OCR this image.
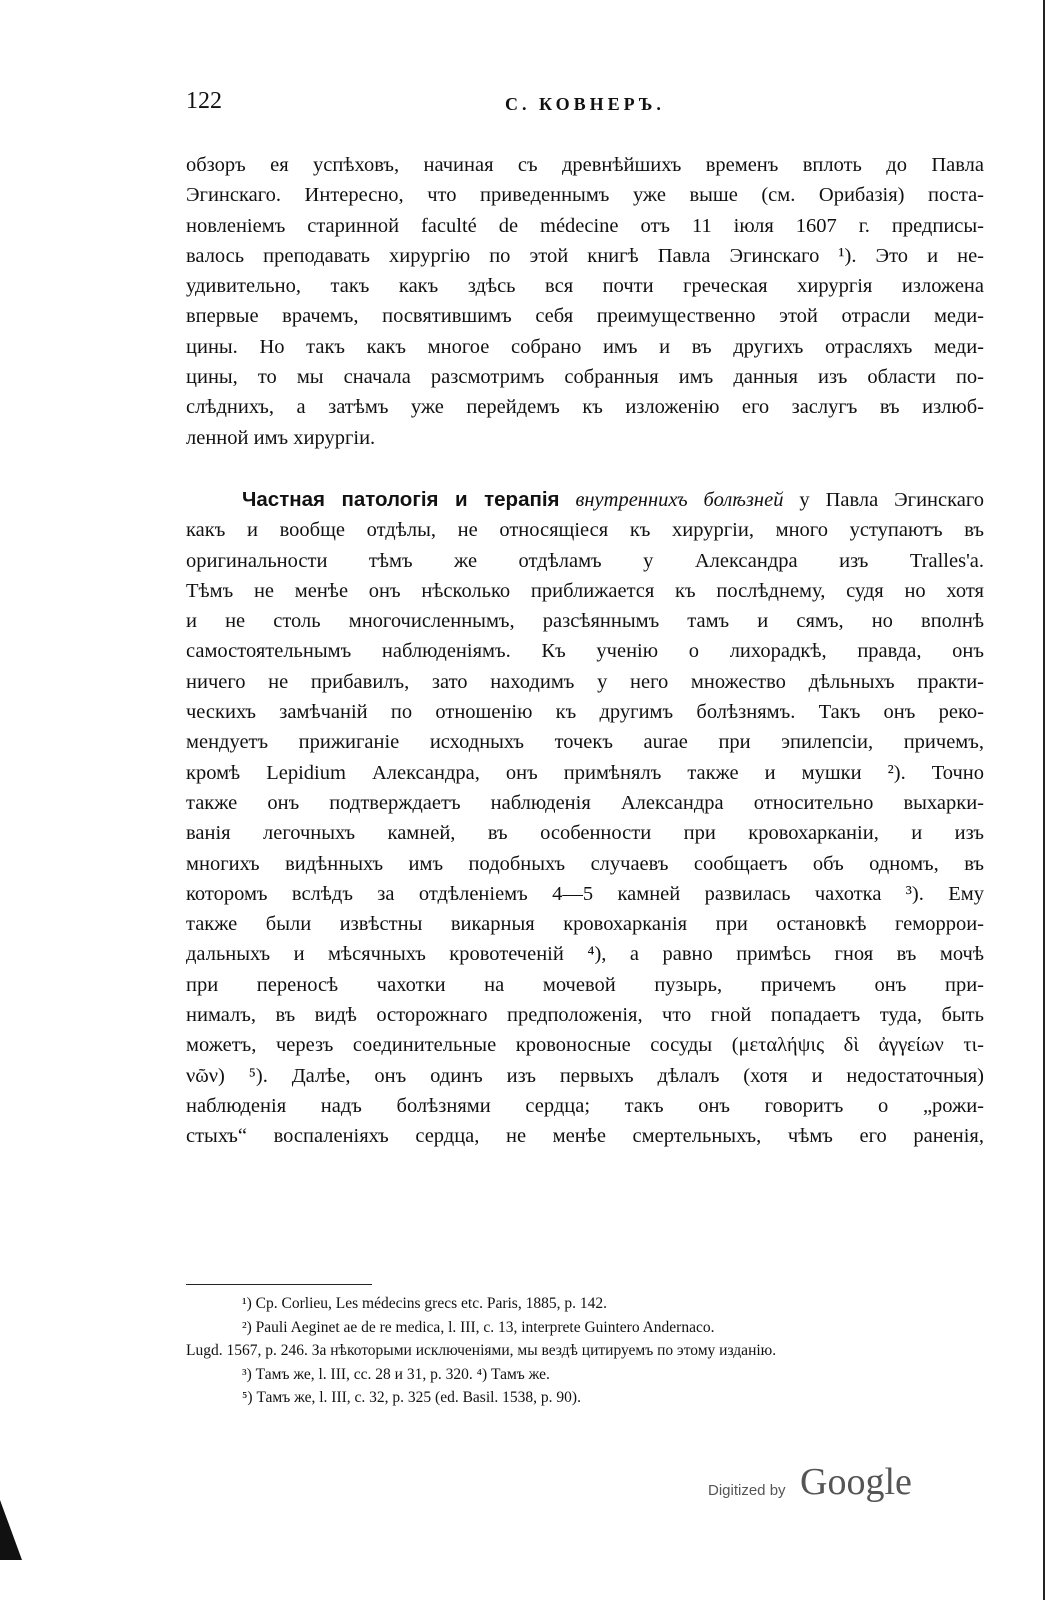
122	С. КОВНЕРЪ.

обзоръ ея успѣховъ, начиная съ древнѣйшихъ временъ вплоть до Павла
Эгинскаго. Интересно, что приведеннымъ уже выше (см. Орибазія) поста-
новленіемъ старинной faculté de médecine отъ 11 іюля 1607 г. предписы-
валось преподавать хирургію по этой книгѣ Павла Эгинскаго ¹). Это и не-
удивительно, такъ какъ здѣсь вся почти греческая хирургія изложена
впервые врачемъ, посвятившимъ себя преимущественно этой отрасли меди-
цины. Но такъ какъ многое собрано имъ и въ другихъ отрасляхъ меди-
цины, то мы сначала разсмотримъ собранныя имъ данныя изъ области по-
слѣднихъ, а затѣмъ уже перейдемъ къ изложенію его заслугъ въ излюб-
ленной имъ хирургіи.

Частная патологія и терапія внутреннихъ болѣзней у Павла Эгинскаго
какъ и вообще отдѣлы, не относящіеся къ хирургіи, много уступаютъ въ
оригинальности тѣмъ же отдѣламъ у Александра изъ Tralles'а.
Тѣмъ не менѣе онъ нѣсколько приближается къ послѣднему, судя но хотя
и не столь многочисленнымъ, разсѣяннымъ тамъ и сямъ, но вполнѣ
самостоятельнымъ наблюденіямъ. Къ ученію о лихорадкѣ, правда, онъ
ничего не прибавилъ, зато находимъ у него множество дѣльныхъ практи-
ческихъ замѣчаній по отношенію къ другимъ болѣзнямъ. Такъ онъ реко-
мендуетъ прижиганіе исходныхъ точекъ aurae при эпилепсіи, причемъ,
кромѣ Lepidium Александра, онъ примѣнялъ также и мушки ²). Точно
также онъ подтверждаетъ наблюденія Александра относительно выхарки-
ванія легочныхъ камней, въ особенности при кровохарканіи, и изъ
многихъ видѣнныхъ имъ подобныхъ случаевъ сообщаетъ объ одномъ, въ
которомъ вслѣдъ за отдѣленіемъ 4—5 камней развилась чахотка ³). Ему
также были извѣстны викарныя кровохарканія при остановкѣ геморрои-
дальныхъ и мѣсячныхъ кровотеченій ⁴), а равно примѣсь гноя въ мочѣ
при переносѣ чахотки на мочевой пузырь, причемъ онъ при-
нималъ, въ видѣ осторожнаго предположенія, что гной попадаетъ туда, быть
можетъ, черезъ соединительные кровоносные сосуды (μεταλήψις δὶ ἀγγείων τι-
νῶν) ⁵). Далѣе, онъ одинъ изъ первыхъ дѣлалъ (хотя и недостаточныя)
наблюденія надъ болѣзнями сердца; такъ онъ говоритъ о „рожи-
стыхъ“ воспаленіяхъ сердца, не менѣе смертельныхъ, чѣмъ его раненія,

¹) Cp. Corlieu, Les médecins grecs etc. Paris, 1885, p. 142.
²) Pauli Aeginet ae de re medica, l. III, c. 13, interprete Guintero Andernaco.
Lugd. 1567, p. 246. За нѣкоторыми исключеніями, мы вездѣ цитируемъ по этому изданію.
³) Тамъ же, l. III, cc. 28 и 31, p. 320. ⁴) Тамъ же.
⁵) Тамъ же, l. III, c. 32, p. 325 (ed. Basil. 1538, p. 90).
Digitized by Google
